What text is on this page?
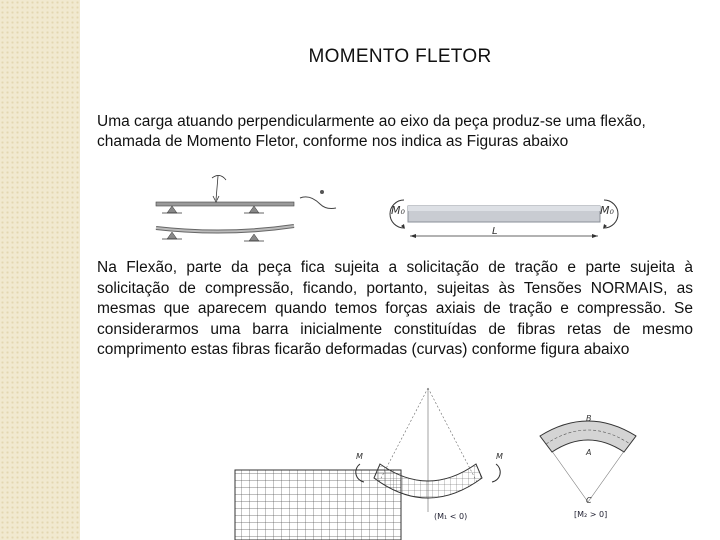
MOMENTO FLETOR
Uma carga atuando perpendicularmente ao eixo da peça produz-se uma flexão, chamada de Momento Fletor, conforme nos indica as Figuras abaixo
M₀	M₀
L
Na Flexão, parte da peça fica sujeita a solicitação de tração e parte sujeita à solicitação de compressão, ficando, portanto, sujeitas às Tensões NORMAIS, as mesmas que aparecem quando temos forças axiais de tração e compressão. Se considerarmos uma barra inicialmente constituídas de fibras retas de mesmo comprimento estas fibras ficarão deformadas (curvas) conforme figura abaixo
M	M
(M₁ < 0)
B
A
C
[M₂ > 0]
